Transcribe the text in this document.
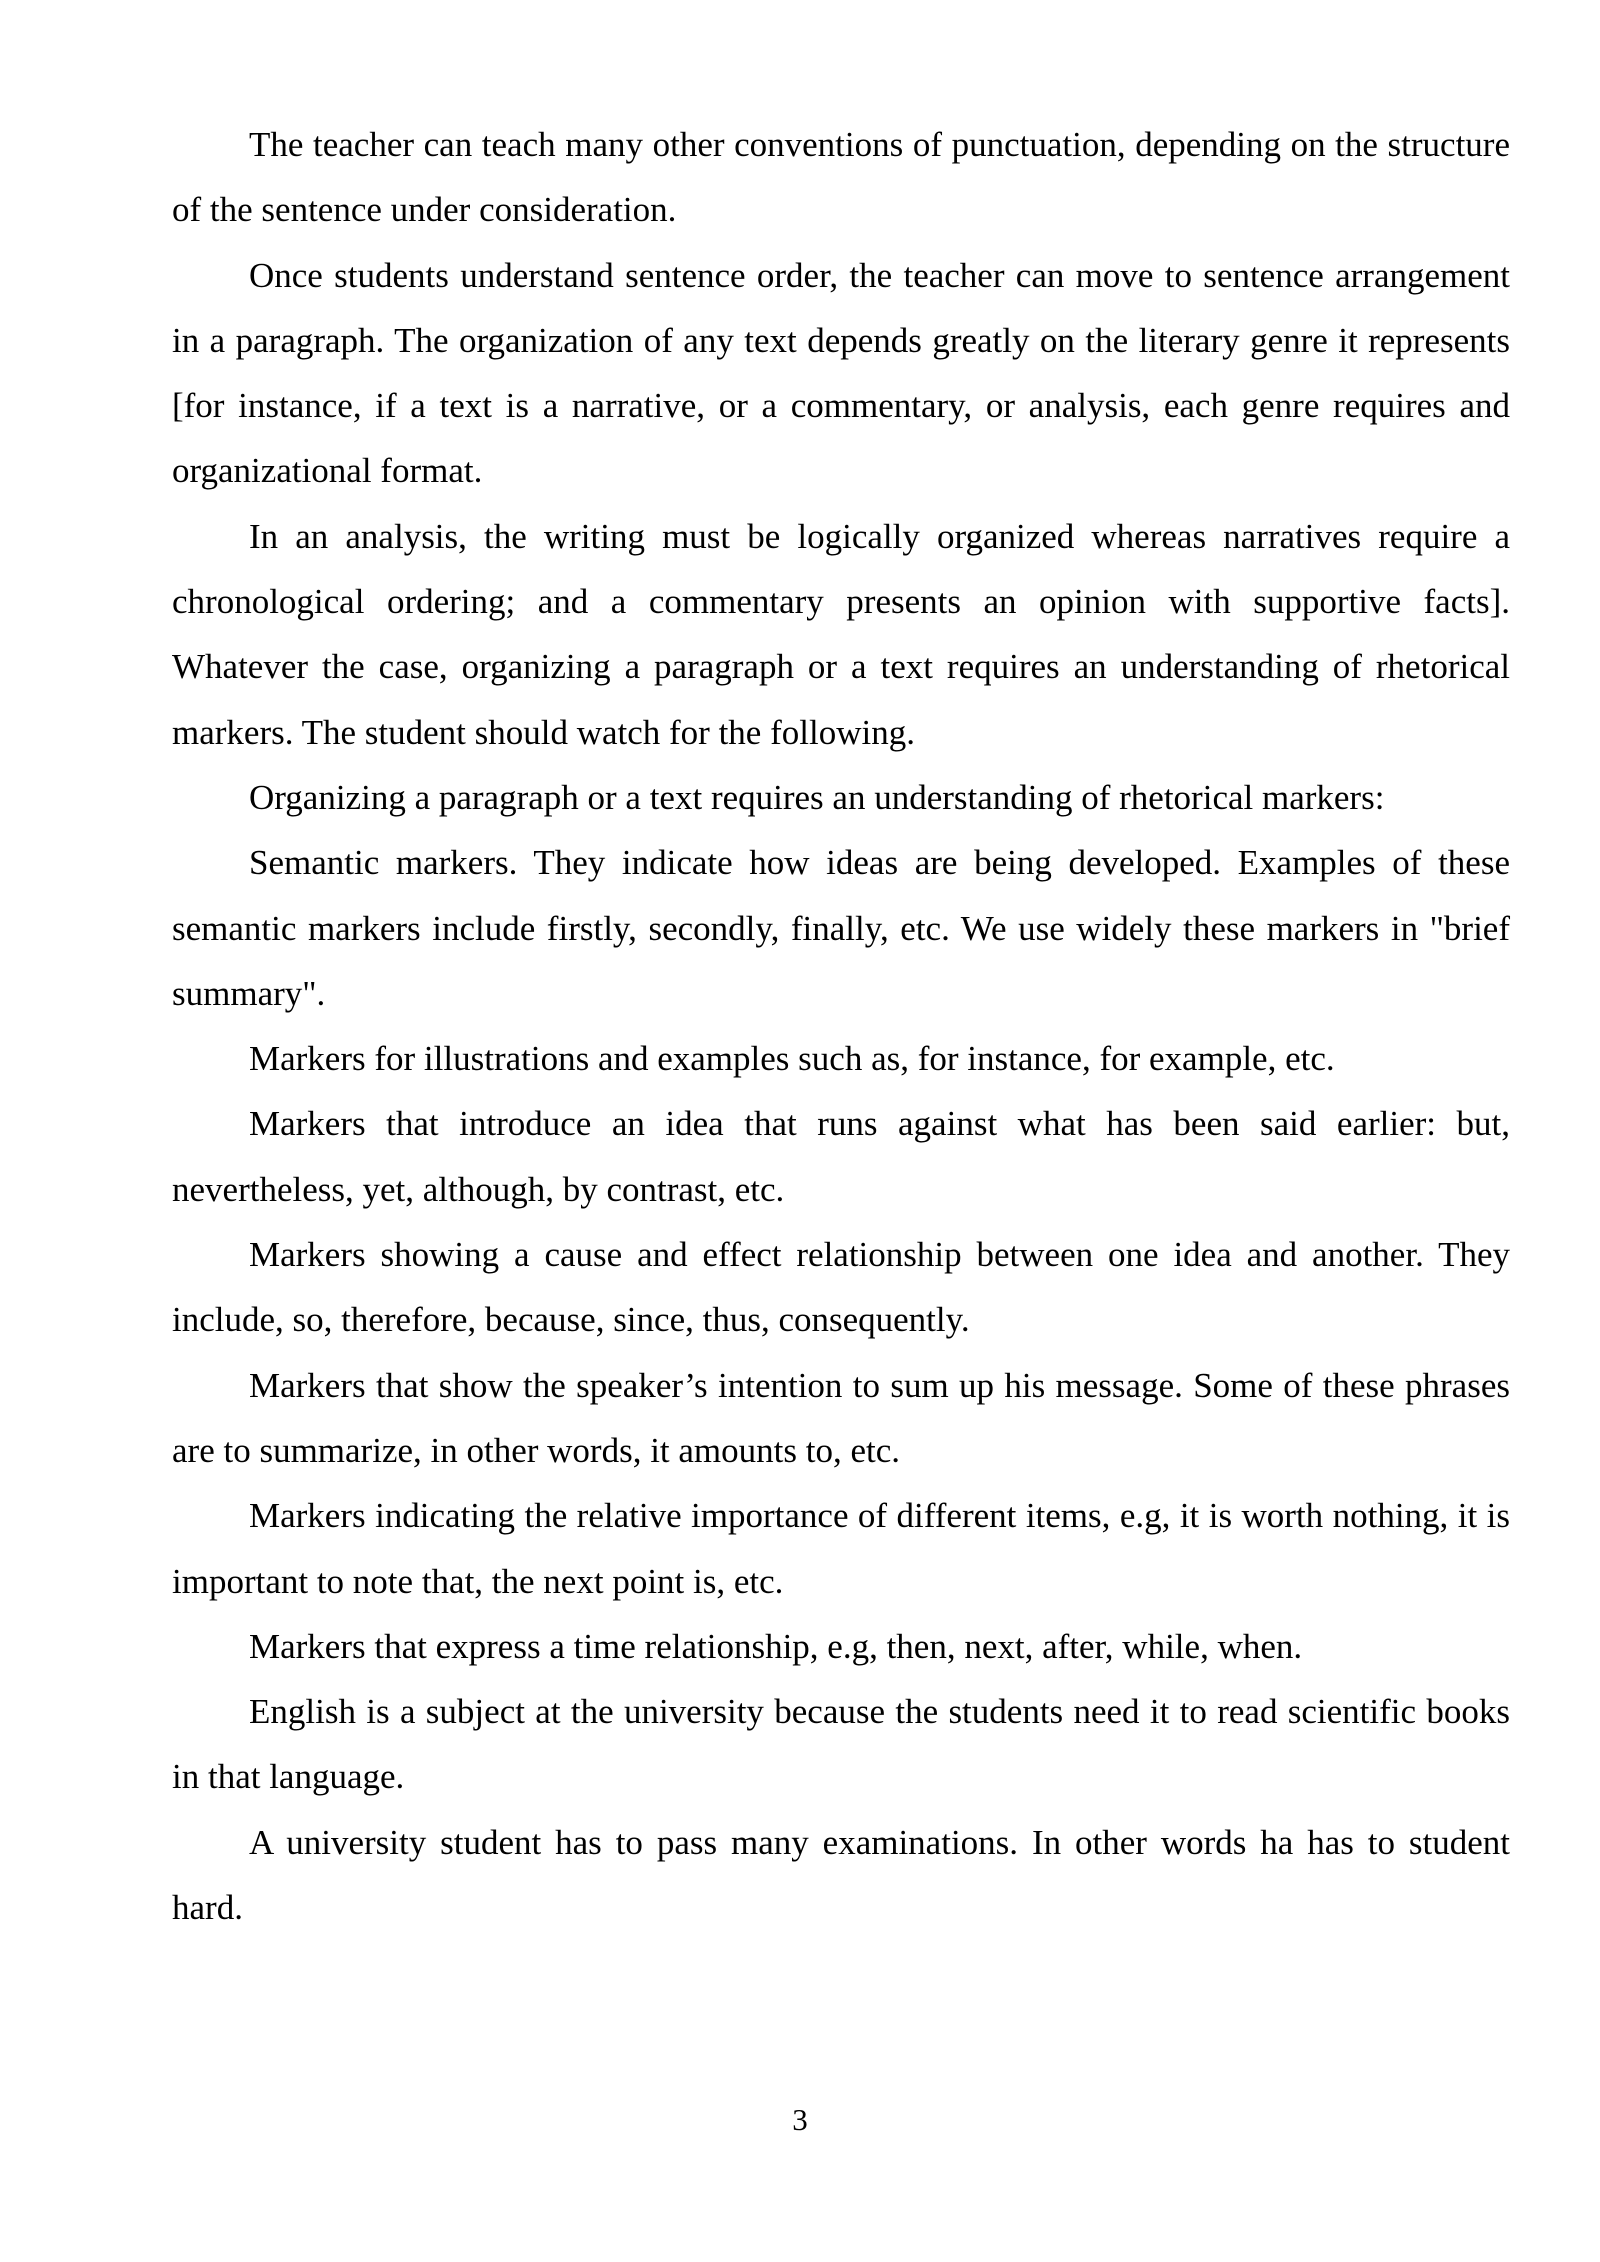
The teacher can teach many other conventions of punctuation, depending on the structure of the sentence under consideration.

Once students understand sentence order, the teacher can move to sentence arrangement in a paragraph. The organization of any text depends greatly on the literary genre it represents [for instance, if a text is a narrative, or a commentary, or analysis, each genre requires and organizational format.

In an analysis, the writing must be logically organized whereas narratives require a chronological ordering; and a commentary presents an opinion with supportive facts]. Whatever the case, organizing a paragraph or a text requires an understanding of rhetorical markers. The student should watch for the following.

Organizing a paragraph or a text requires an understanding of rhetorical markers:

Semantic markers. They indicate how ideas are being developed. Examples of these semantic markers include firstly, secondly, finally, etc. We use widely these markers in "brief summary".

Markers for illustrations and examples such as, for instance, for example, etc.

Markers that introduce an idea that runs against what has been said earlier: but, nevertheless, yet, although, by contrast, etc.

Markers showing a cause and effect relationship between one idea and another. They include, so, therefore, because, since, thus, consequently.

Markers that show the speaker’s intention to sum up his message. Some of these phrases are to summarize, in other words, it amounts to, etc.

Markers indicating the relative importance of different items, e.g, it is worth nothing, it is important to note that, the next point is, etc.

Markers that express a time relationship, e.g, then, next, after, while, when.

English is a subject at the university because the students need it to read scientific books in that language.

A university student has to pass many examinations. In other words ha has to student hard.

3
